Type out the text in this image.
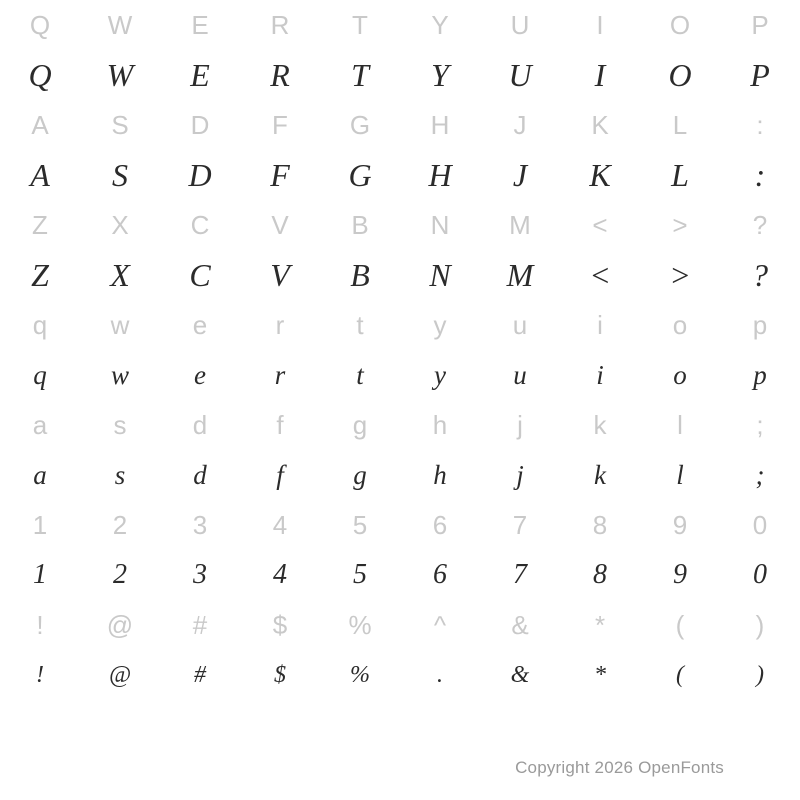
Q	W	E	R	T	Y	U	I	O	P
Q	W	E	R	T	Y	U	I	O	P
A	S	D	F	G	H	J	K	L	:
A	S	D	F	G	H	J	K	L	:
Z	X	C	V	B	N	M	<	>	?
Z	X	C	V	B	N	M	<	>	?
q	w	e	r	t	y	u	i	o	p
q	w	e	r	t	y	u	i	o	p
a	s	d	f	g	h	j	k	l	;
a	s	d	f	g	h	j	k	l	;
1	2	3	4	5	6	7	8	9	0
1	2	3	4	5	6	7	8	9	0
!	@	#	$	%	^	&	*	(	)
!	@	#	$	%	.	&	*	(	)
Copyright 2026 OpenFonts
